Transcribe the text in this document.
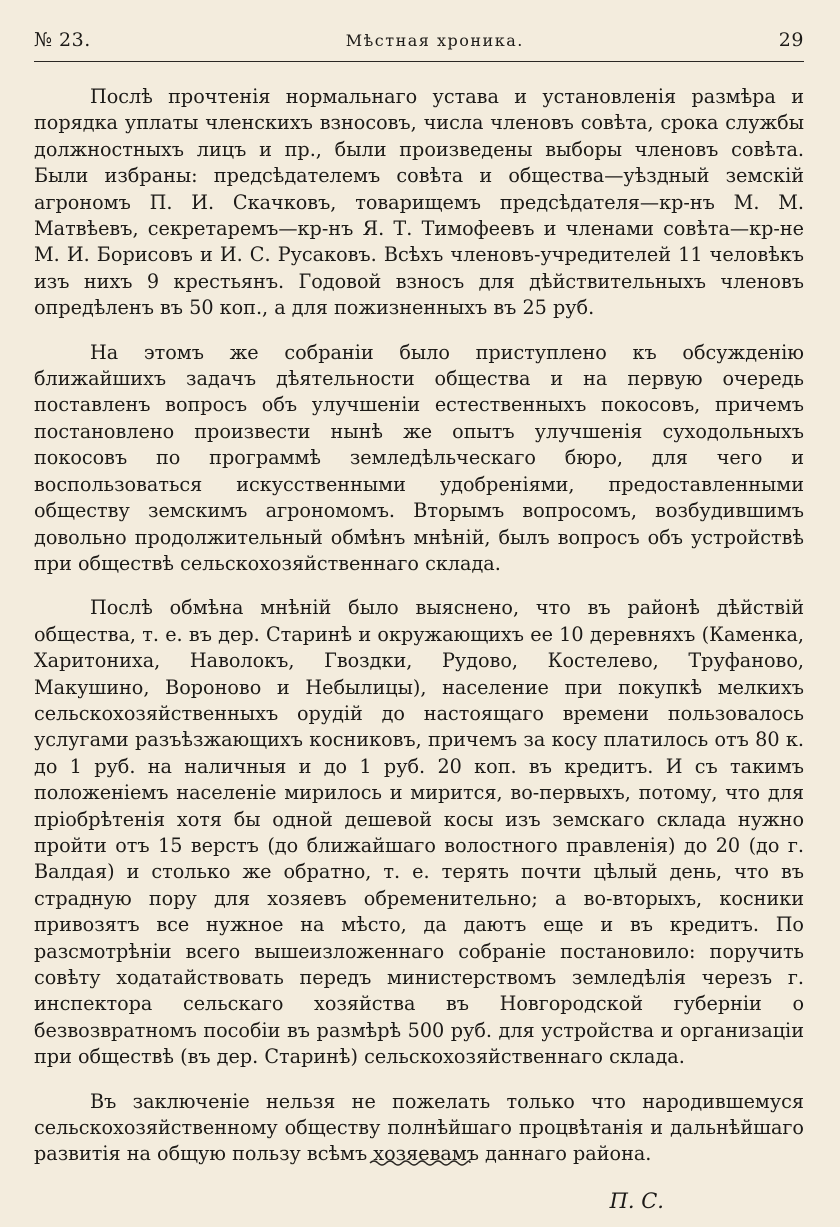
№ 23.	Мѣстная хроника.	29

Послѣ прочтенія нормальнаго устава и установленія размѣра и порядка уплаты членскихъ взносовъ, числа членовъ совѣта, срока службы должностныхъ лицъ и пр., были произведены выборы членовъ совѣта. Были избраны: предсѣдателемъ совѣта и общества—уѣздный земскій агрономъ П. И. Скачковъ, товарищемъ предсѣдателя—кр-нъ М. М. Матвѣевъ, секретаремъ—кр-нъ Я. Т. Тимофеевъ и членами совѣта—кр-не М. И. Борисовъ и И. С. Русаковъ. Всѣхъ членовъ-учредителей 11 человѣкъ изъ нихъ 9 крестьянъ. Годовой взносъ для дѣйствительныхъ членовъ опредѣленъ въ 50 коп., а для пожизненныхъ въ 25 руб.

На этомъ же собраніи было приступлено къ обсужденію ближайшихъ задачъ дѣятельности общества и на первую очередь поставленъ вопросъ объ улучшеніи естественныхъ покосовъ, причемъ постановлено произвести нынѣ же опытъ улучшенія суходольныхъ покосовъ по программѣ земледѣльческаго бюро, для чего и воспользоваться искусственными удобреніями, предоставленными обществу земскимъ агрономомъ. Вторымъ вопросомъ, возбудившимъ довольно продолжительный обмѣнъ мнѣній, былъ вопросъ объ устройствѣ при обществѣ сельскохозяйственнаго склада.

Послѣ обмѣна мнѣній было выяснено, что въ районѣ дѣйствій общества, т. е. въ дер. Старинѣ и окружающихъ ее 10 деревняхъ (Каменка, Харитониха, Наволокъ, Гвоздки, Рудово, Костелево, Труфаново, Макушино, Вороново и Небылицы), население при покупкѣ мелкихъ сельскохозяйственныхъ орудій до настоящаго времени пользовалось услугами разъѣзжающихъ косниковъ, причемъ за косу платилось отъ 80 к. до 1 руб. на наличныя и до 1 руб. 20 коп. въ кредитъ. И съ такимъ положеніемъ населеніе мирилось и мирится, во-первыхъ, потому, что для пріобрѣтенія хотя бы одной дешевой косы изъ земскаго склада нужно пройти отъ 15 верстъ (до ближайшаго волостного правленія) до 20 (до г. Валдая) и столько же обратно, т. е. терять почти цѣлый день, что въ страдную пору для хозяевъ обременительно; а во-вторыхъ, косники привозятъ все нужное на мѣсто, да даютъ еще и въ кредитъ. По разсмотрѣніи всего вышеизложеннаго собраніе постановило: поручить совѣту ходатайствовать передъ министерствомъ земледѣлія черезъ г. инспектора сельскаго хозяйства въ Новгородской губерніи о безвозвратномъ пособіи въ размѣрѣ 500 руб. для устройства и организаціи при обществѣ (въ дер. Старинѣ) сельскохозяйственнаго склада.

Въ заключеніе нельзя не пожелать только что народившемуся сельскохозяйственному обществу полнѣйшаго процвѣтанія и дальнѣйшаго развитія на общую пользу всѣмъ хозяевамъ даннаго района.

П. С.
